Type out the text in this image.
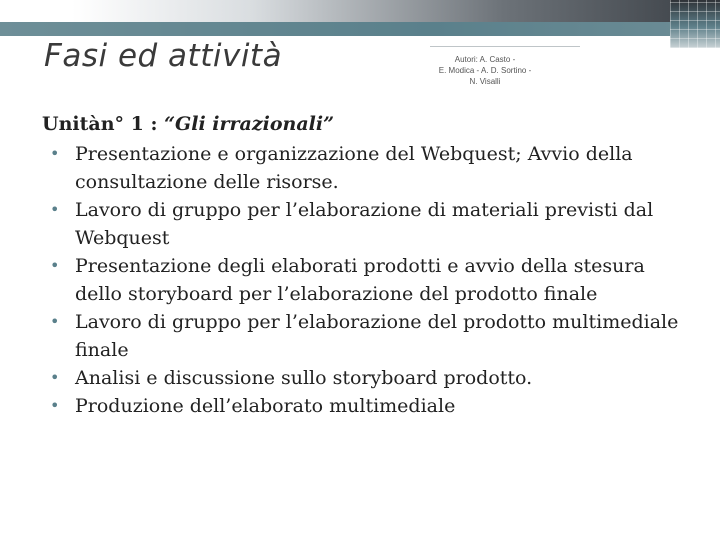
Fasi ed attività	Autori: A. Casto -
E. Modica - A. D. Sortino -
N. Visalli
Unitàn° 1 : “Gli irrazionali”
• Presentazione e organizzazione del Webquest; Avvio della consultazione delle risorse.
• Lavoro di gruppo per l’elaborazione di materiali previsti dal Webquest
• Presentazione degli elaborati prodotti e avvio della stesura dello storyboard per l’elaborazione del prodotto finale
• Lavoro di gruppo per l’elaborazione del prodotto multimediale finale
• Analisi e discussione sullo storyboard prodotto.
• Produzione dell’elaborato multimediale
